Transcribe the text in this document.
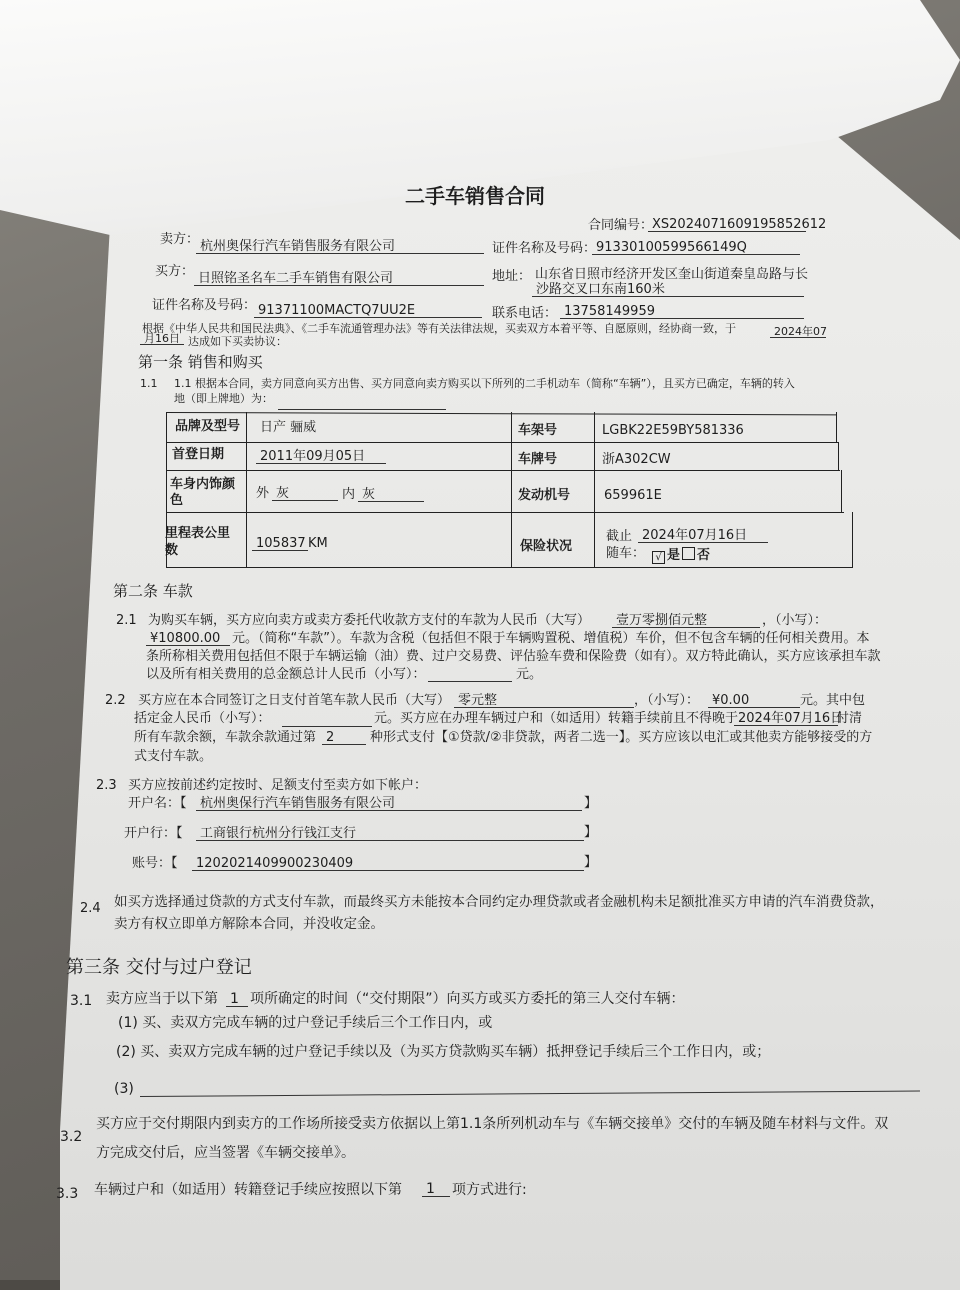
二手车销售合同
合同编号：
XS2024071609195852612
卖方： 杭州奥保行汽车销售服务有限公司	证件名称及号码： 91330100599566149Q
买方： 日照铭圣名车二手车销售有限公司	地址： 山东省日照市经济开发区奎山街道秦皇岛路与长
沙路交叉口东南160米
证件名称及号码： 91371100MACTQ7UU2E	联系电话： 13758149959
根据《中华人民共和国民法典》、《二手车流通管理办法》等有关法律法规，买卖双方本着平等、自愿原则，经协商一致，于	2024年07
月16日 达成如下买卖协议：
第一条 销售和购买
1.1 1.1 根据本合同，卖方同意向买方出售、买方同意向卖方购买以下所列的二手机动车（简称“车辆”），且买方已确定，车辆的转入
地（即上牌地）为：
品牌及型号 日产 骊威	车架号	LGBK22E59BY581336
首登日期	2011年09月05日	车牌号	浙A302CW
车身内饰颜
色	外 灰	内 灰	发动机号	659961E
里程表公里
数	105837 KM	保险状况
截止 2024年07月16日
随车：	√ 是 否
第二条 车款
2.1 为购买车辆，买方应向卖方或卖方委托代收款方支付的车款为人民币（大写）	壹万零捌佰元整	，（小写）：
¥10800.00 元。（简称“车款”）。车款为含税（包括但不限于车辆购置税、增值税）车价，但不包含车辆的任何相关费用。本
条所称相关费用包括但不限于车辆运输（油）费、过户交易费、评估验车费和保险费（如有）。双方特此确认，买方应该承担车款
以及所有相关费用的总金额总计人民币（小写）：	元。
2.2 买方应在本合同签订之日支付首笔车款人民币（大写） 零元整	，（小写）： ¥0.00	元。其中包
括定金人民币（小写）：	元。买方应在办理车辆过户和（如适用）转籍手续前且不得晚于 2024年07月16日
付清
所有车款余额，车款余款通过第 2	种形式支付【①贷款/②非贷款，两者二选一】。买方应该以电汇或其他卖方能够接受的方
式支付车款。
2.3 买方应按前述约定按时、足额支付至卖方如下帐户：
开户名：【	杭州奥保行汽车销售服务有限公司	】
开户行：【	工商银行杭州分行钱江支行	】
账号：【	1202021409900230409	】
2.4 如买方选择通过贷款的方式支付车款，而最终买方未能按本合同约定办理贷款或者金融机构未足额批准买方申请的汽车消费贷款，
卖方有权立即单方解除本合同，并没收定金。
第三条 交付与过户登记
3.1 卖方应当于以下第 1 项所确定的时间（“交付期限”）向买方或买方委托的第三人交付车辆：
(1) 买、卖双方完成车辆的过户登记手续后三个工作日内，或
(2) 买、卖双方完成车辆的过户登记手续以及（为买方贷款购买车辆）抵押登记手续后三个工作日内，或；
(3)
3.2
买方应于交付期限内到卖方的工作场所接受卖方依据以上第1.1条所列机动车与《车辆交接单》交付的车辆及随车材料与文件。双
方完成交付后，应当签署《车辆交接单》。
3.3 车辆过户和（如适用）转籍登记手续应按照以下第 1	项方式进行:
